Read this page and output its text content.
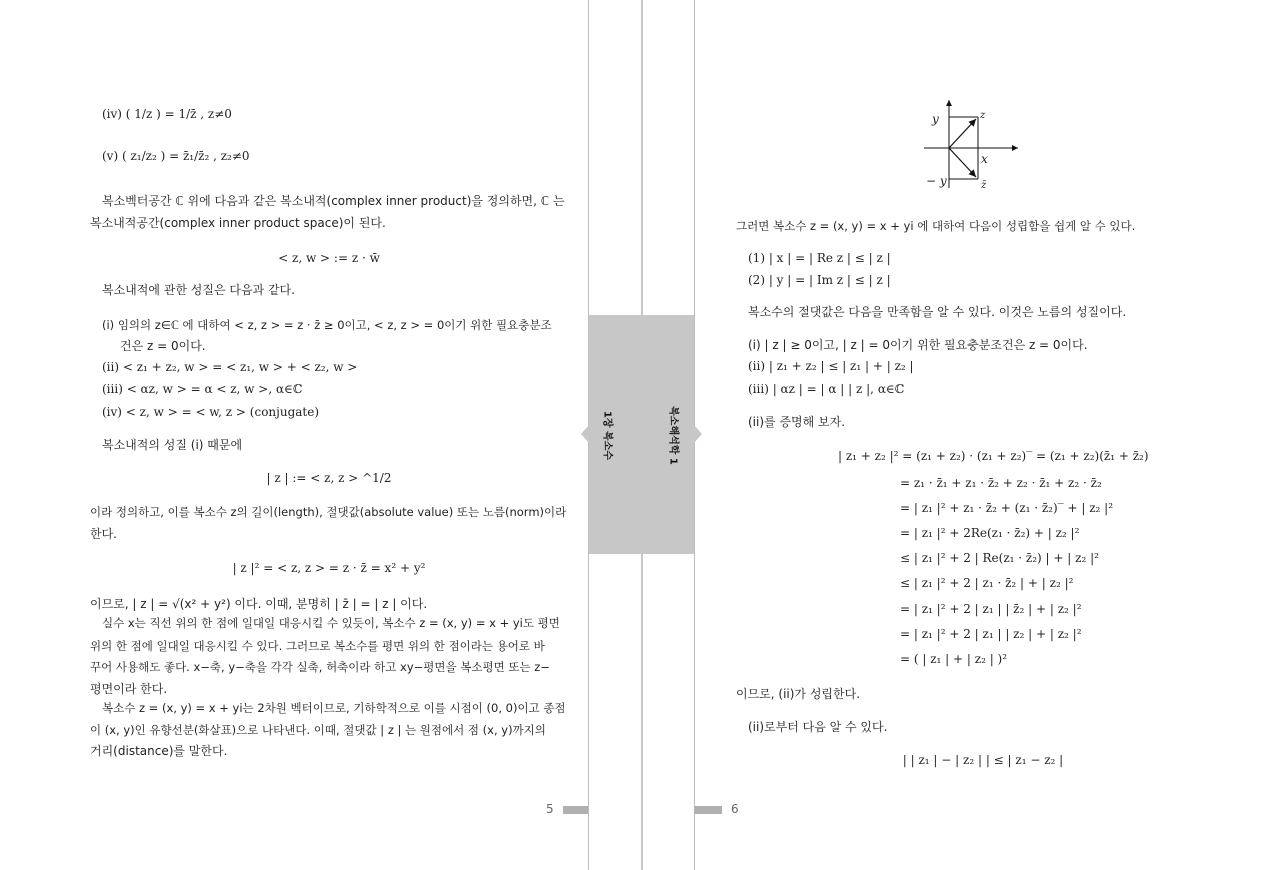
1장 복소수	복소해석학 1
(iv) ( 1/z ) = 1/z̄ , z≠0
(v) ( z₁/z₂ ) = z̄₁/z̄₂ , z₂≠0
복소벡터공간 ℂ 위에 다음과 같은 복소내적(complex inner product)을 정의하면, ℂ 는
복소내적공간(complex inner product space)이 된다.
< z, w > := z · w̄
복소내적에 관한 성질은 다음과 같다.
(i) 임의의 z∈ℂ 에 대하여 < z, z > = z · z̄ ≥ 0이고, < z, z > = 0이기 위한 필요충분조
건은 z = 0이다.
(ii) < z₁ + z₂, w > = < z₁, w > + < z₂, w >
(iii) < αz, w > = α < z, w >, α∈ℂ
(iv) < z, w > = < w, z > (conjugate)
복소내적의 성질 (i) 때문에
| z | := < z, z > ^1/2
이라 정의하고, 이를 복소수 z의 길이(length), 절댓값(absolute value) 또는 노름(norm)이라
한다.
| z |² = < z, z > = z · z̄ = x² + y²
이므로, | z | = √(x² + y²) 이다. 이때, 분명히 | z̄ | = | z | 이다.
실수 x는 직선 위의 한 점에 일대일 대응시킬 수 있듯이, 복소수 z = (x, y) = x + yi도 평면
위의 한 점에 일대일 대응시킬 수 있다. 그러므로 복소수를 평면 위의 한 점이라는 용어로 바
꾸어 사용해도 좋다. x−축, y−축을 각각 실축, 허축이라 하고 xy−평면을 복소평면 또는 z−
평면이라 한다.
복소수 z = (x, y) = x + yi는 2차원 벡터이므로, 기하학적으로 이를 시점이 (0, 0)이고 종점
이 (x, y)인 유향선분(화살표)으로 나타낸다. 이때, 절댓값 | z | 는 원점에서 점 (x, y)까지의
거리(distance)를 말한다.
5
y	z
x
− y	z̄
그러면 복소수 z = (x, y) = x + yi 에 대하여 다음이 성립함을 쉽게 알 수 있다.
(1) | x | = | Re z | ≤ | z |
(2) | y | = | Im z | ≤ | z |
복소수의 절댓값은 다음을 만족함을 알 수 있다. 이것은 노름의 성질이다.
(i) | z | ≥ 0이고, | z | = 0이기 위한 필요충분조건은 z = 0이다.
(ii) | z₁ + z₂ | ≤ | z₁ | + | z₂ |
(iii) | αz | = | α | | z |, α∈ℂ
(ii)를 증명해 보자.
| z₁ + z₂ |² = (z₁ + z₂) · (z₁ + z₂)‾ = (z₁ + z₂)(z̄₁ + z̄₂)
= z₁ · z̄₁ + z₁ · z̄₂ + z₂ · z̄₁ + z₂ · z̄₂
= | z₁ |² + z₁ · z̄₂ + (z₁ · z̄₂)‾ + | z₂ |²
= | z₁ |² + 2Re(z₁ · z̄₂) + | z₂ |²
≤ | z₁ |² + 2 | Re(z₁ · z̄₂) | + | z₂ |²
≤ | z₁ |² + 2 | z₁ · z̄₂ | + | z₂ |²
= | z₁ |² + 2 | z₁ | | z̄₂ | + | z₂ |²
= | z₁ |² + 2 | z₁ | | z₂ | + | z₂ |²
= ( | z₁ | + | z₂ | )²
이므로, (ii)가 성립한다.
(ii)로부터 다음 알 수 있다.
| | z₁ | − | z₂ | | ≤ | z₁ − z₂ |
6
